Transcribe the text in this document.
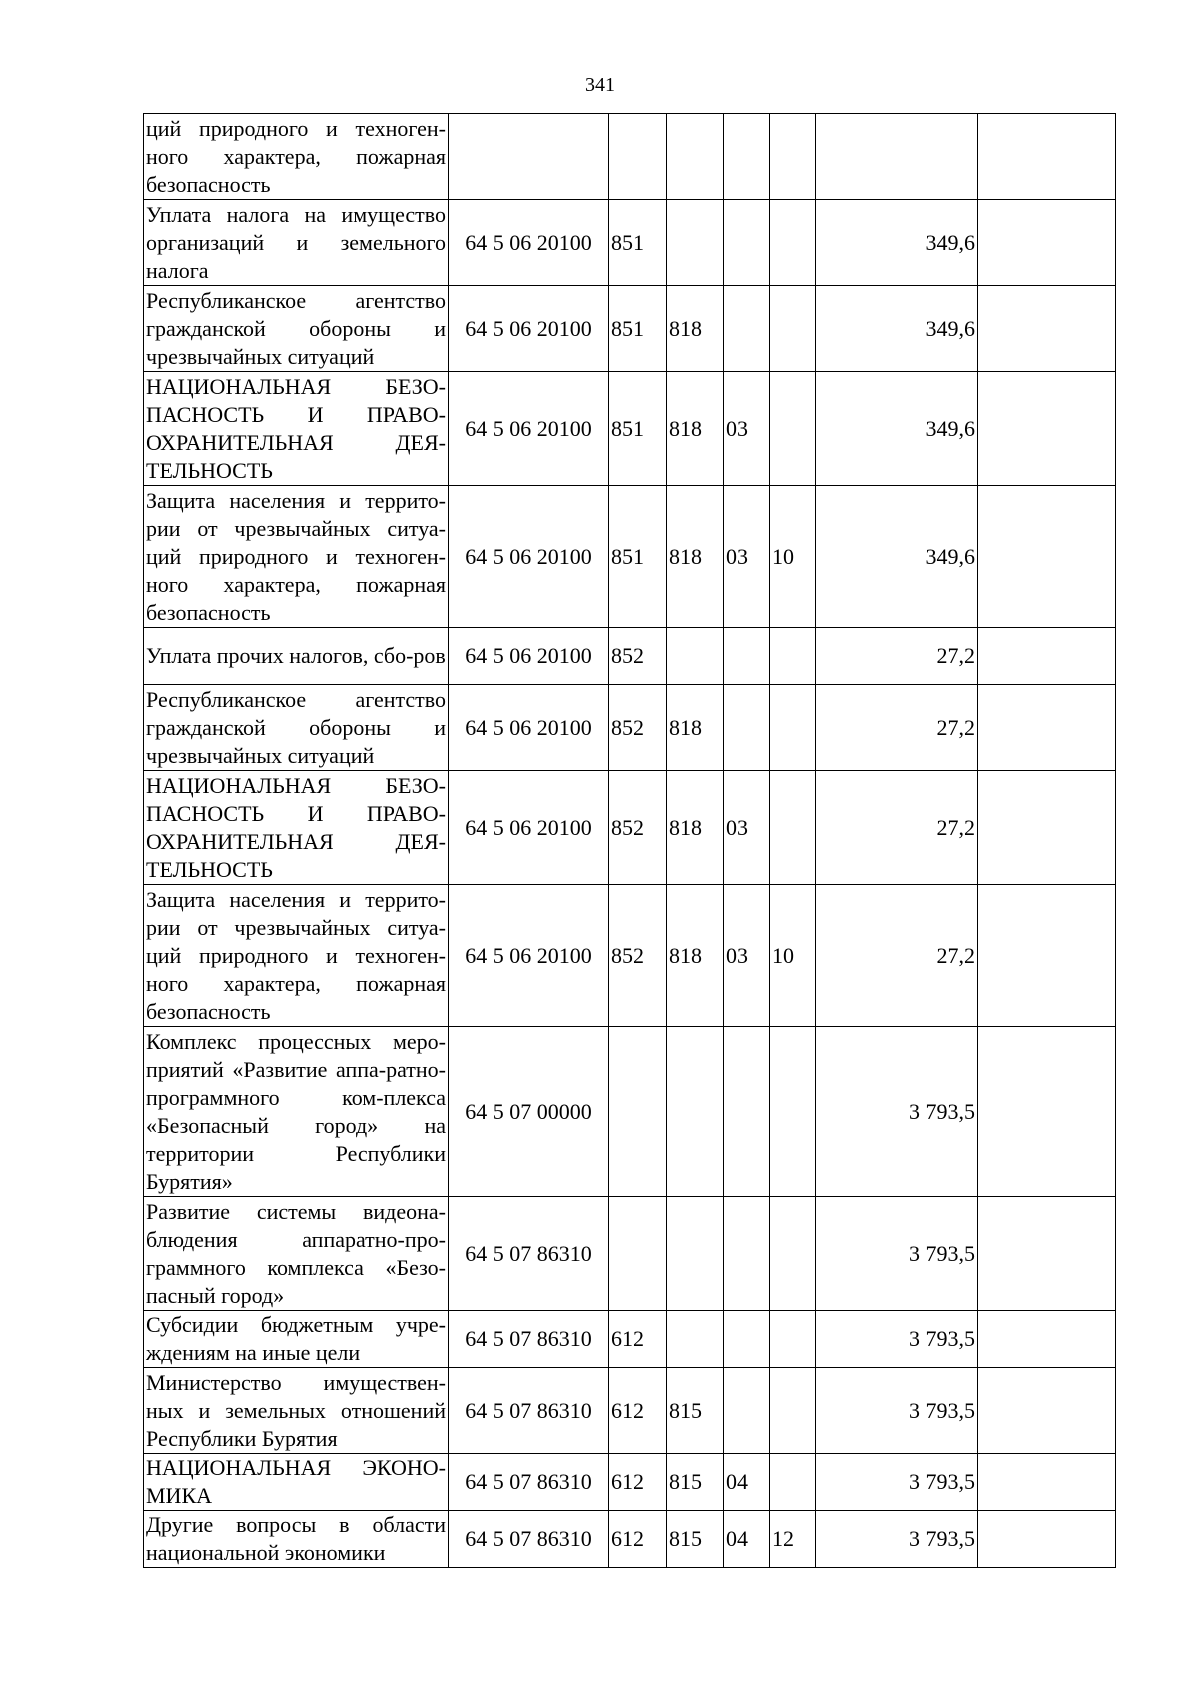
341
ций природного и техноген-ного характера, пожарная безопасность							
Уплата налога на имущество организаций и земельного налога	64 5 06 20100	851				349,6	
Республиканское агентство гражданской обороны и чрезвычайных ситуаций	64 5 06 20100	851	818			349,6	
НАЦИОНАЛЬНАЯ БЕЗО-ПАСНОСТЬ И ПРАВО-ОХРАНИТЕЛЬНАЯ ДЕЯ-ТЕЛЬНОСТЬ	64 5 06 20100	851	818	03		349,6	
Защита населения и террито-рии от чрезвычайных ситуа-ций природного и техноген-ного характера, пожарная безопасность	64 5 06 20100	851	818	03	10	349,6	
Уплата прочих налогов, сбо-ров	64 5 06 20100	852				27,2	
Республиканское агентство гражданской обороны и чрезвычайных ситуаций	64 5 06 20100	852	818			27,2	
НАЦИОНАЛЬНАЯ БЕЗО-ПАСНОСТЬ И ПРАВО-ОХРАНИТЕЛЬНАЯ ДЕЯ-ТЕЛЬНОСТЬ	64 5 06 20100	852	818	03		27,2	
Защита населения и террито-рии от чрезвычайных ситуа-ций природного и техноген-ного характера, пожарная безопасность	64 5 06 20100	852	818	03	10	27,2	
Комплекс процессных меро-приятий «Развитие аппа-ратно-программного ком-плекса «Безопасный город» на территории Республики Бурятия»	64 5 07 00000					3 793,5	
Развитие системы видеона-блюдения аппаратно-про-граммного комплекса «Безо-пасный город»	64 5 07 86310					3 793,5	
Субсидии бюджетным учре-ждениям на иные цели	64 5 07 86310	612				3 793,5	
Министерство имуществен-ных и земельных отношений Республики Бурятия	64 5 07 86310	612	815			3 793,5	
НАЦИОНАЛЬНАЯ ЭКОНО-МИКА	64 5 07 86310	612	815	04		3 793,5	
Другие вопросы в области национальной экономики	64 5 07 86310	612	815	04	12	3 793,5	
